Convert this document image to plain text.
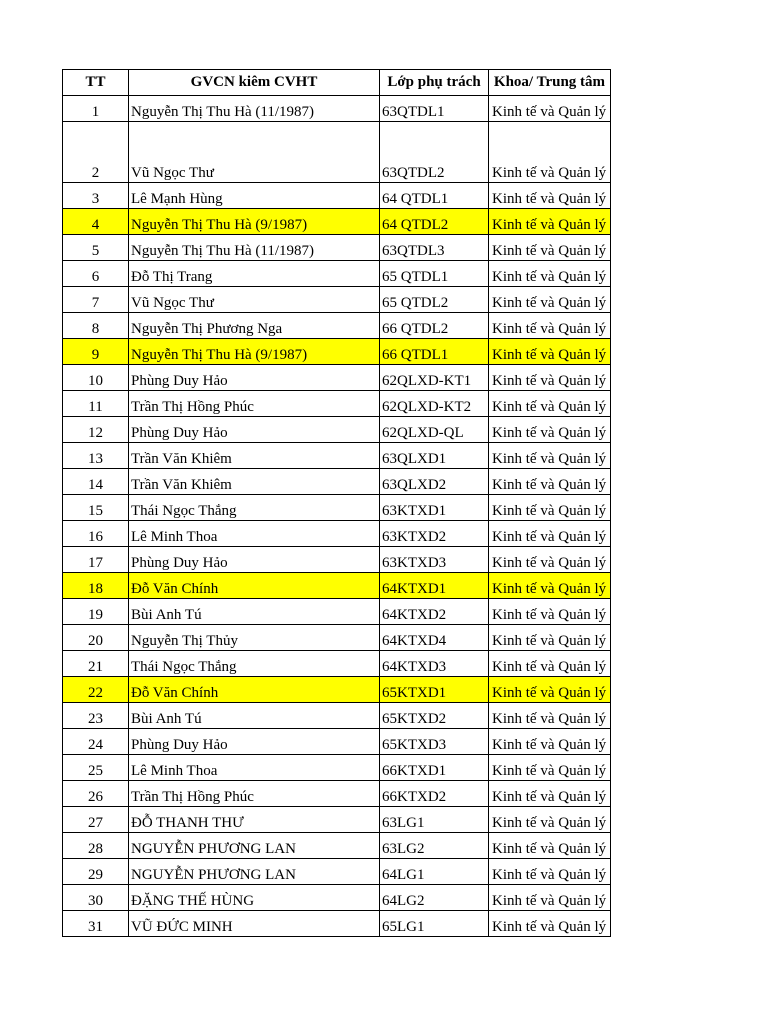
TT	GVCN kiêm CVHT	Lớp phụ trách	Khoa/ Trung tâm
1	Nguyễn Thị Thu Hà (11/1987)	63QTDL1	Kinh tế và Quản lý
2	Vũ Ngọc Thư	63QTDL2	Kinh tế và Quản lý
3	Lê Mạnh Hùng	64 QTDL1	Kinh tế và Quản lý
4	Nguyễn Thị Thu Hà (9/1987)	64 QTDL2	Kinh tế và Quản lý
5	Nguyễn Thị Thu Hà (11/1987)	63QTDL3	Kinh tế và Quản lý
6	Đỗ Thị Trang	65 QTDL1	Kinh tế và Quản lý
7	Vũ Ngọc Thư	65 QTDL2	Kinh tế và Quản lý
8	Nguyễn Thị Phương Nga	66 QTDL2	Kinh tế và Quản lý
9	Nguyễn Thị Thu Hà (9/1987)	66 QTDL1	Kinh tế và Quản lý
10	Phùng Duy Hảo	62QLXD-KT1	Kinh tế và Quản lý
11	Trần Thị Hồng Phúc	62QLXD-KT2	Kinh tế và Quản lý
12	Phùng Duy Hảo	62QLXD-QL	Kinh tế và Quản lý
13	Trần Văn Khiêm	63QLXD1	Kinh tế và Quản lý
14	Trần Văn Khiêm	63QLXD2	Kinh tế và Quản lý
15	Thái Ngọc Thắng	63KTXD1	Kinh tế và Quản lý
16	Lê Minh Thoa	63KTXD2	Kinh tế và Quản lý
17	Phùng Duy Hảo	63KTXD3	Kinh tế và Quản lý
18	Đỗ Văn Chính	64KTXD1	Kinh tế và Quản lý
19	Bùi Anh Tú	64KTXD2	Kinh tế và Quản lý
20	Nguyễn Thị Thủy	64KTXD4	Kinh tế và Quản lý
21	Thái Ngọc Thắng	64KTXD3	Kinh tế và Quản lý
22	Đỗ Văn Chính	65KTXD1	Kinh tế và Quản lý
23	Bùi Anh Tú	65KTXD2	Kinh tế và Quản lý
24	Phùng Duy Hảo	65KTXD3	Kinh tế và Quản lý
25	Lê Minh Thoa	66KTXD1	Kinh tế và Quản lý
26	Trần Thị Hồng Phúc	66KTXD2	Kinh tế và Quản lý
27	ĐỖ THANH THƯ	63LG1	Kinh tế và Quản lý
28	NGUYỄN PHƯƠNG LAN	63LG2	Kinh tế và Quản lý
29	NGUYỄN PHƯƠNG LAN	64LG1	Kinh tế và Quản lý
30	ĐẶNG THẾ HÙNG	64LG2	Kinh tế và Quản lý
31	VŨ ĐỨC MINH	65LG1	Kinh tế và Quản lý
